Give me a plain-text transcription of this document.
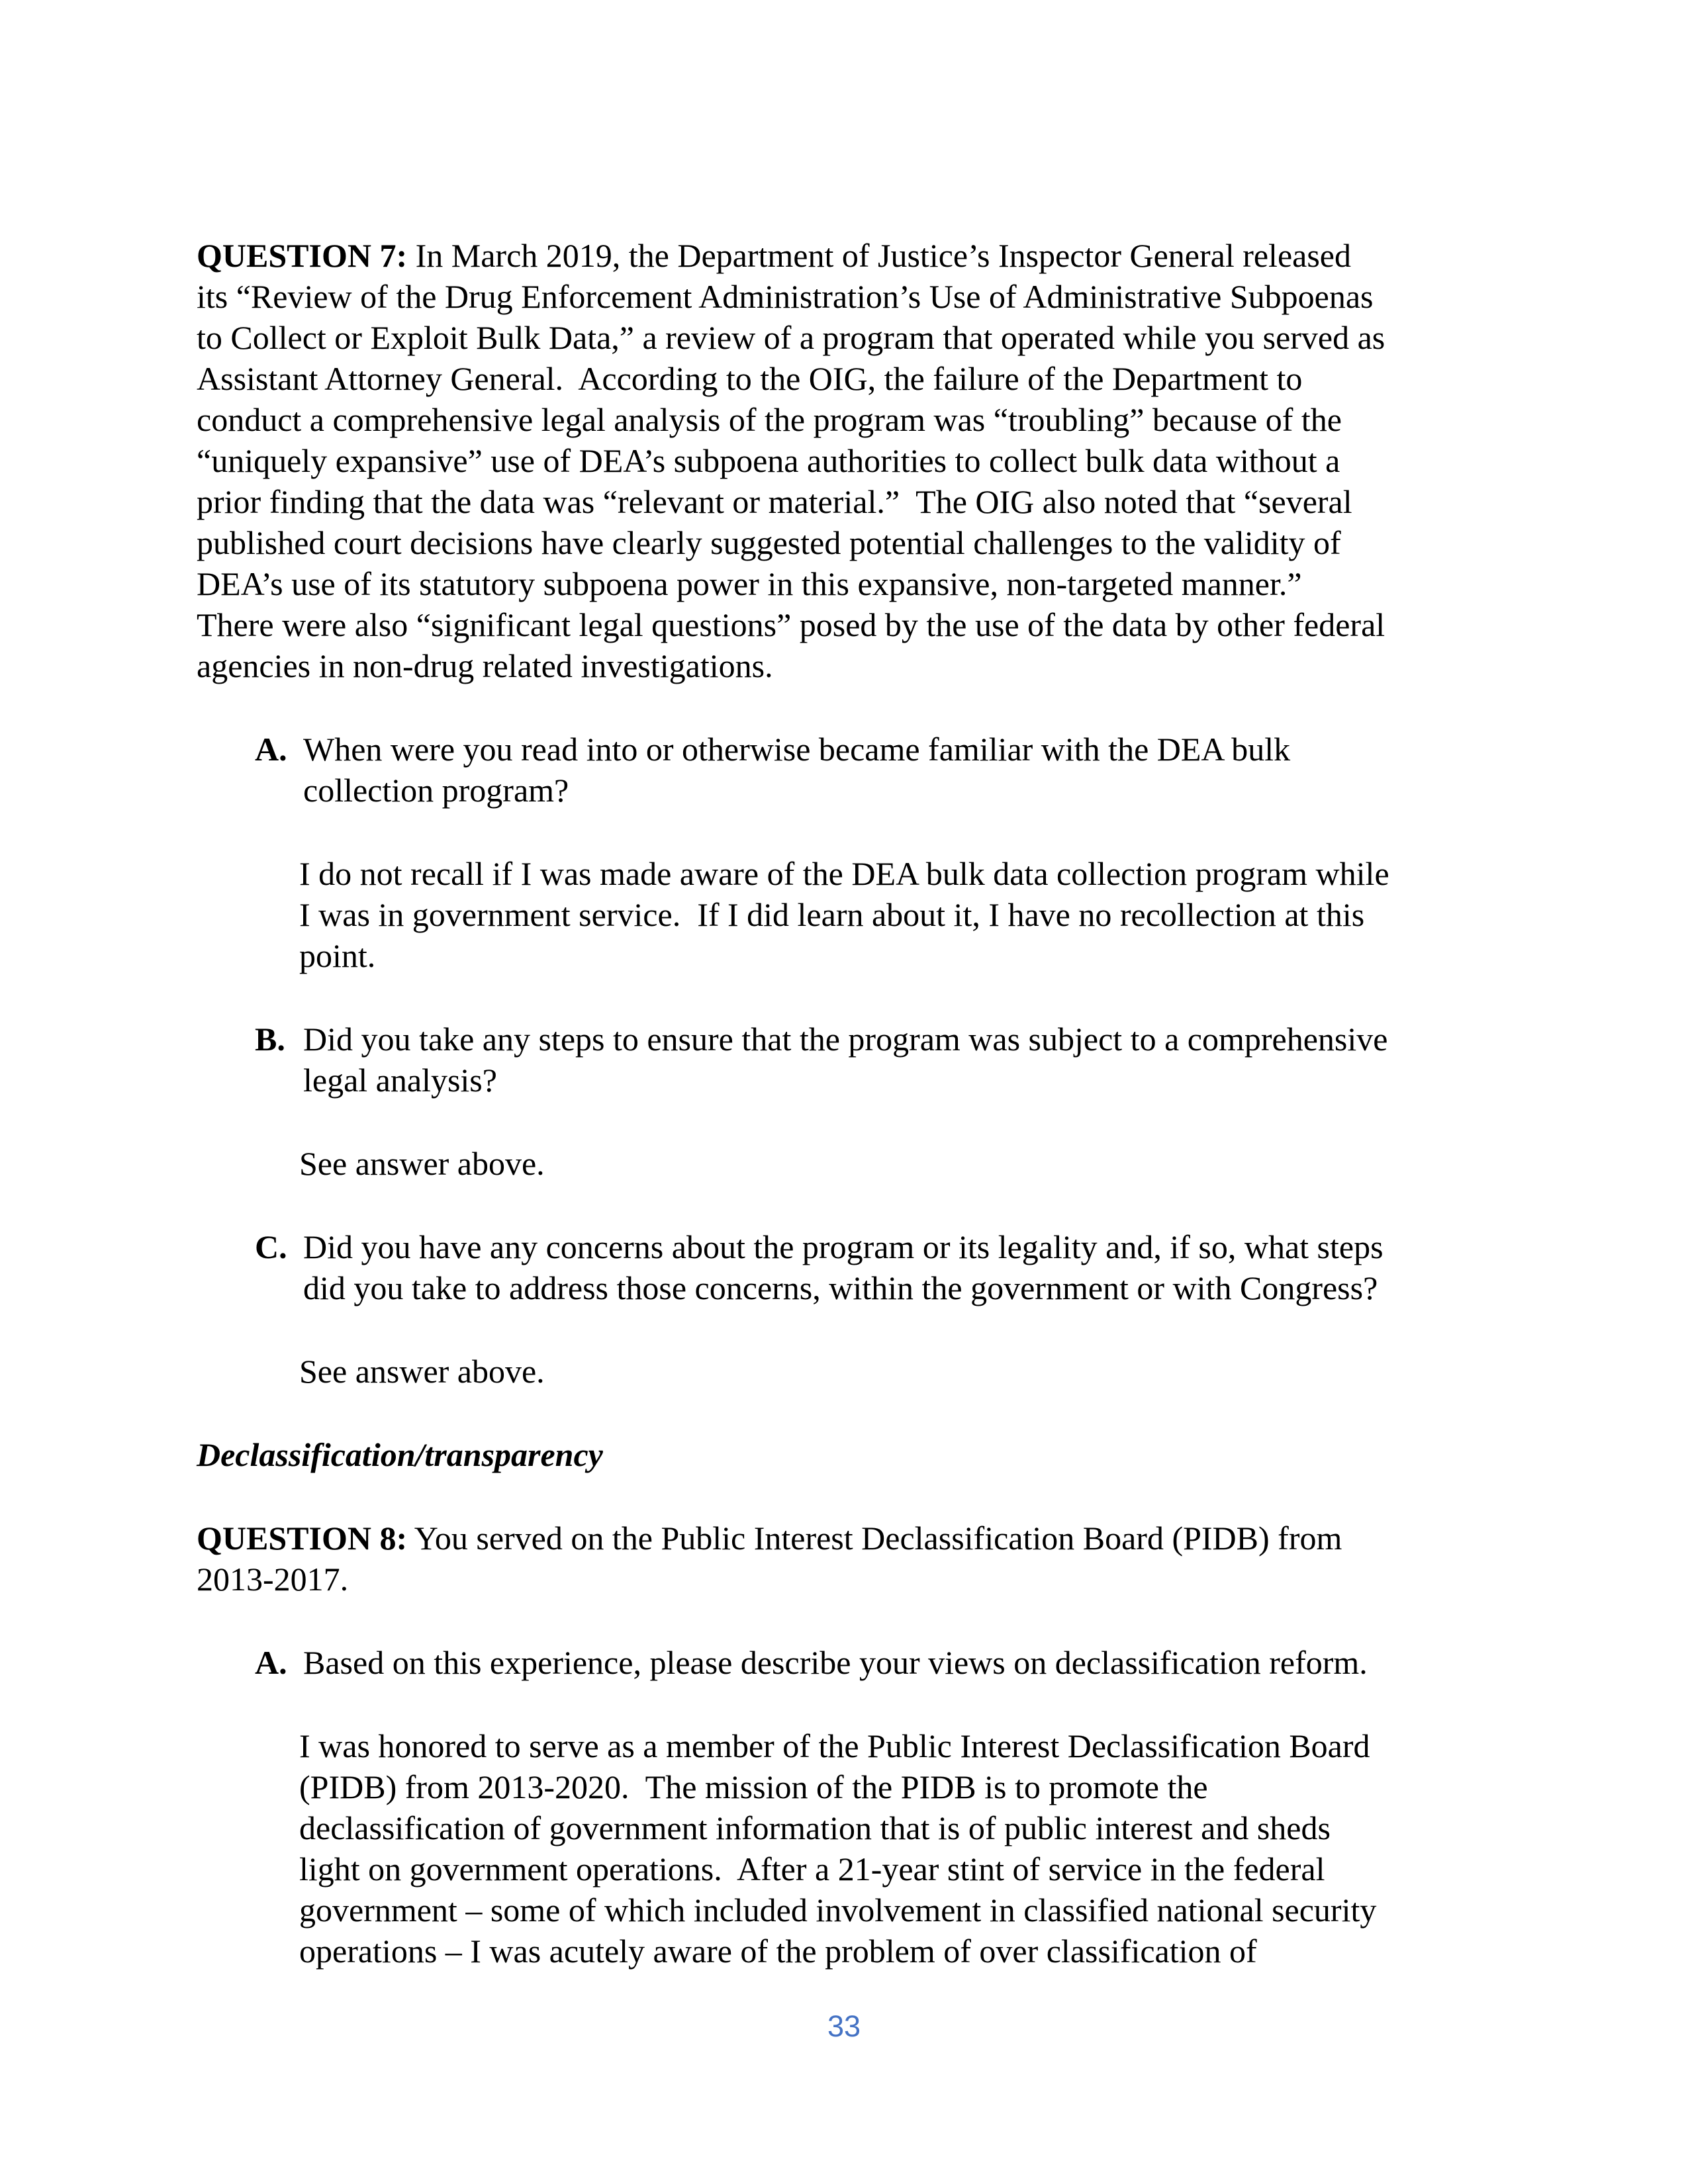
QUESTION 7: In March 2019, the Department of Justice’s Inspector General released
its “Review of the Drug Enforcement Administration’s Use of Administrative Subpoenas
to Collect or Exploit Bulk Data,” a review of a program that operated while you served as
Assistant Attorney General.  According to the OIG, the failure of the Department to
conduct a comprehensive legal analysis of the program was “troubling” because of the
“uniquely expansive” use of DEA’s subpoena authorities to collect bulk data without a
prior finding that the data was “relevant or material.”  The OIG also noted that “several
published court decisions have clearly suggested potential challenges to the validity of
DEA’s use of its statutory subpoena power in this expansive, non-targeted manner.”
There were also “significant legal questions” posed by the use of the data by other federal
agencies in non-drug related investigations.
A. When were you read into or otherwise became familiar with the DEA bulk
collection program?
I do not recall if I was made aware of the DEA bulk data collection program while
I was in government service.  If I did learn about it, I have no recollection at this
point.
B. Did you take any steps to ensure that the program was subject to a comprehensive
legal analysis?
See answer above.
C. Did you have any concerns about the program or its legality and, if so, what steps
did you take to address those concerns, within the government or with Congress?
See answer above.
Declassification/transparency
QUESTION 8: You served on the Public Interest Declassification Board (PIDB) from
2013-2017.
A. Based on this experience, please describe your views on declassification reform.
I was honored to serve as a member of the Public Interest Declassification Board
(PIDB) from 2013-2020.  The mission of the PIDB is to promote the
declassification of government information that is of public interest and sheds
light on government operations.  After a 21-year stint of service in the federal
government – some of which included involvement in classified national security
operations – I was acutely aware of the problem of over classification of
33
